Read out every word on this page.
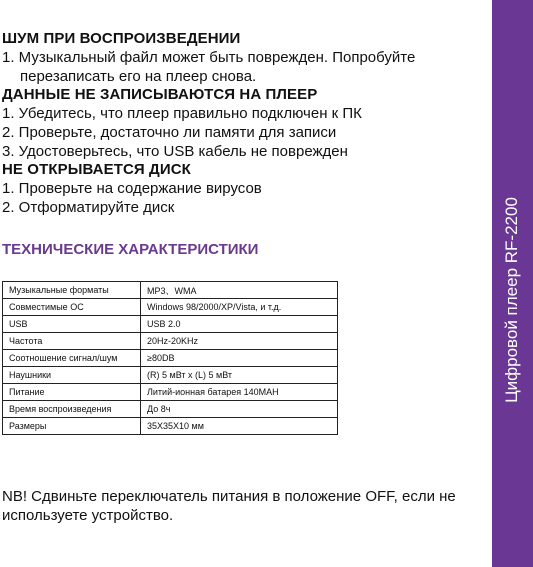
Цифровой плеер RF-2200

ШУМ ПРИ ВОСПРОИЗВЕДЕНИИ

1. Музыкальный файл может быть поврежден. Попробуйте
перезаписать его на плеер снова.

ДАННЫЕ НЕ ЗАПИСЫВАЮТСЯ НА ПЛЕЕР

1. Убедитесь, что плеер правильно подключен к ПК

2. Проверьте, достаточно ли памяти для записи

3. Удостоверьтесь, что USB кабель не поврежден

НЕ ОТКРЫВАЕТСЯ ДИСК

1. Проверьте на содержание вирусов

2. Отформатируйте диск

ТЕХНИЧЕСКИЕ ХАРАКТЕРИСТИКИ

Музыкальные форматы	MP3、WMA
Совместимые ОС	Windows 98/2000/XP/Vista, и т.д.
USB	USB 2.0
Частота	20Hz-20KHz
Соотношение сигнал/шум	≥80DB
Наушники	(R) 5 мВт x (L) 5 мВт
Питание	Литий-ионная батарея 140MAH
Время воспроизведения	До 8ч
Размеры	35X35X10 мм

NB! Сдвиньте переключатель питания в положение OFF, если не используете устройство.
